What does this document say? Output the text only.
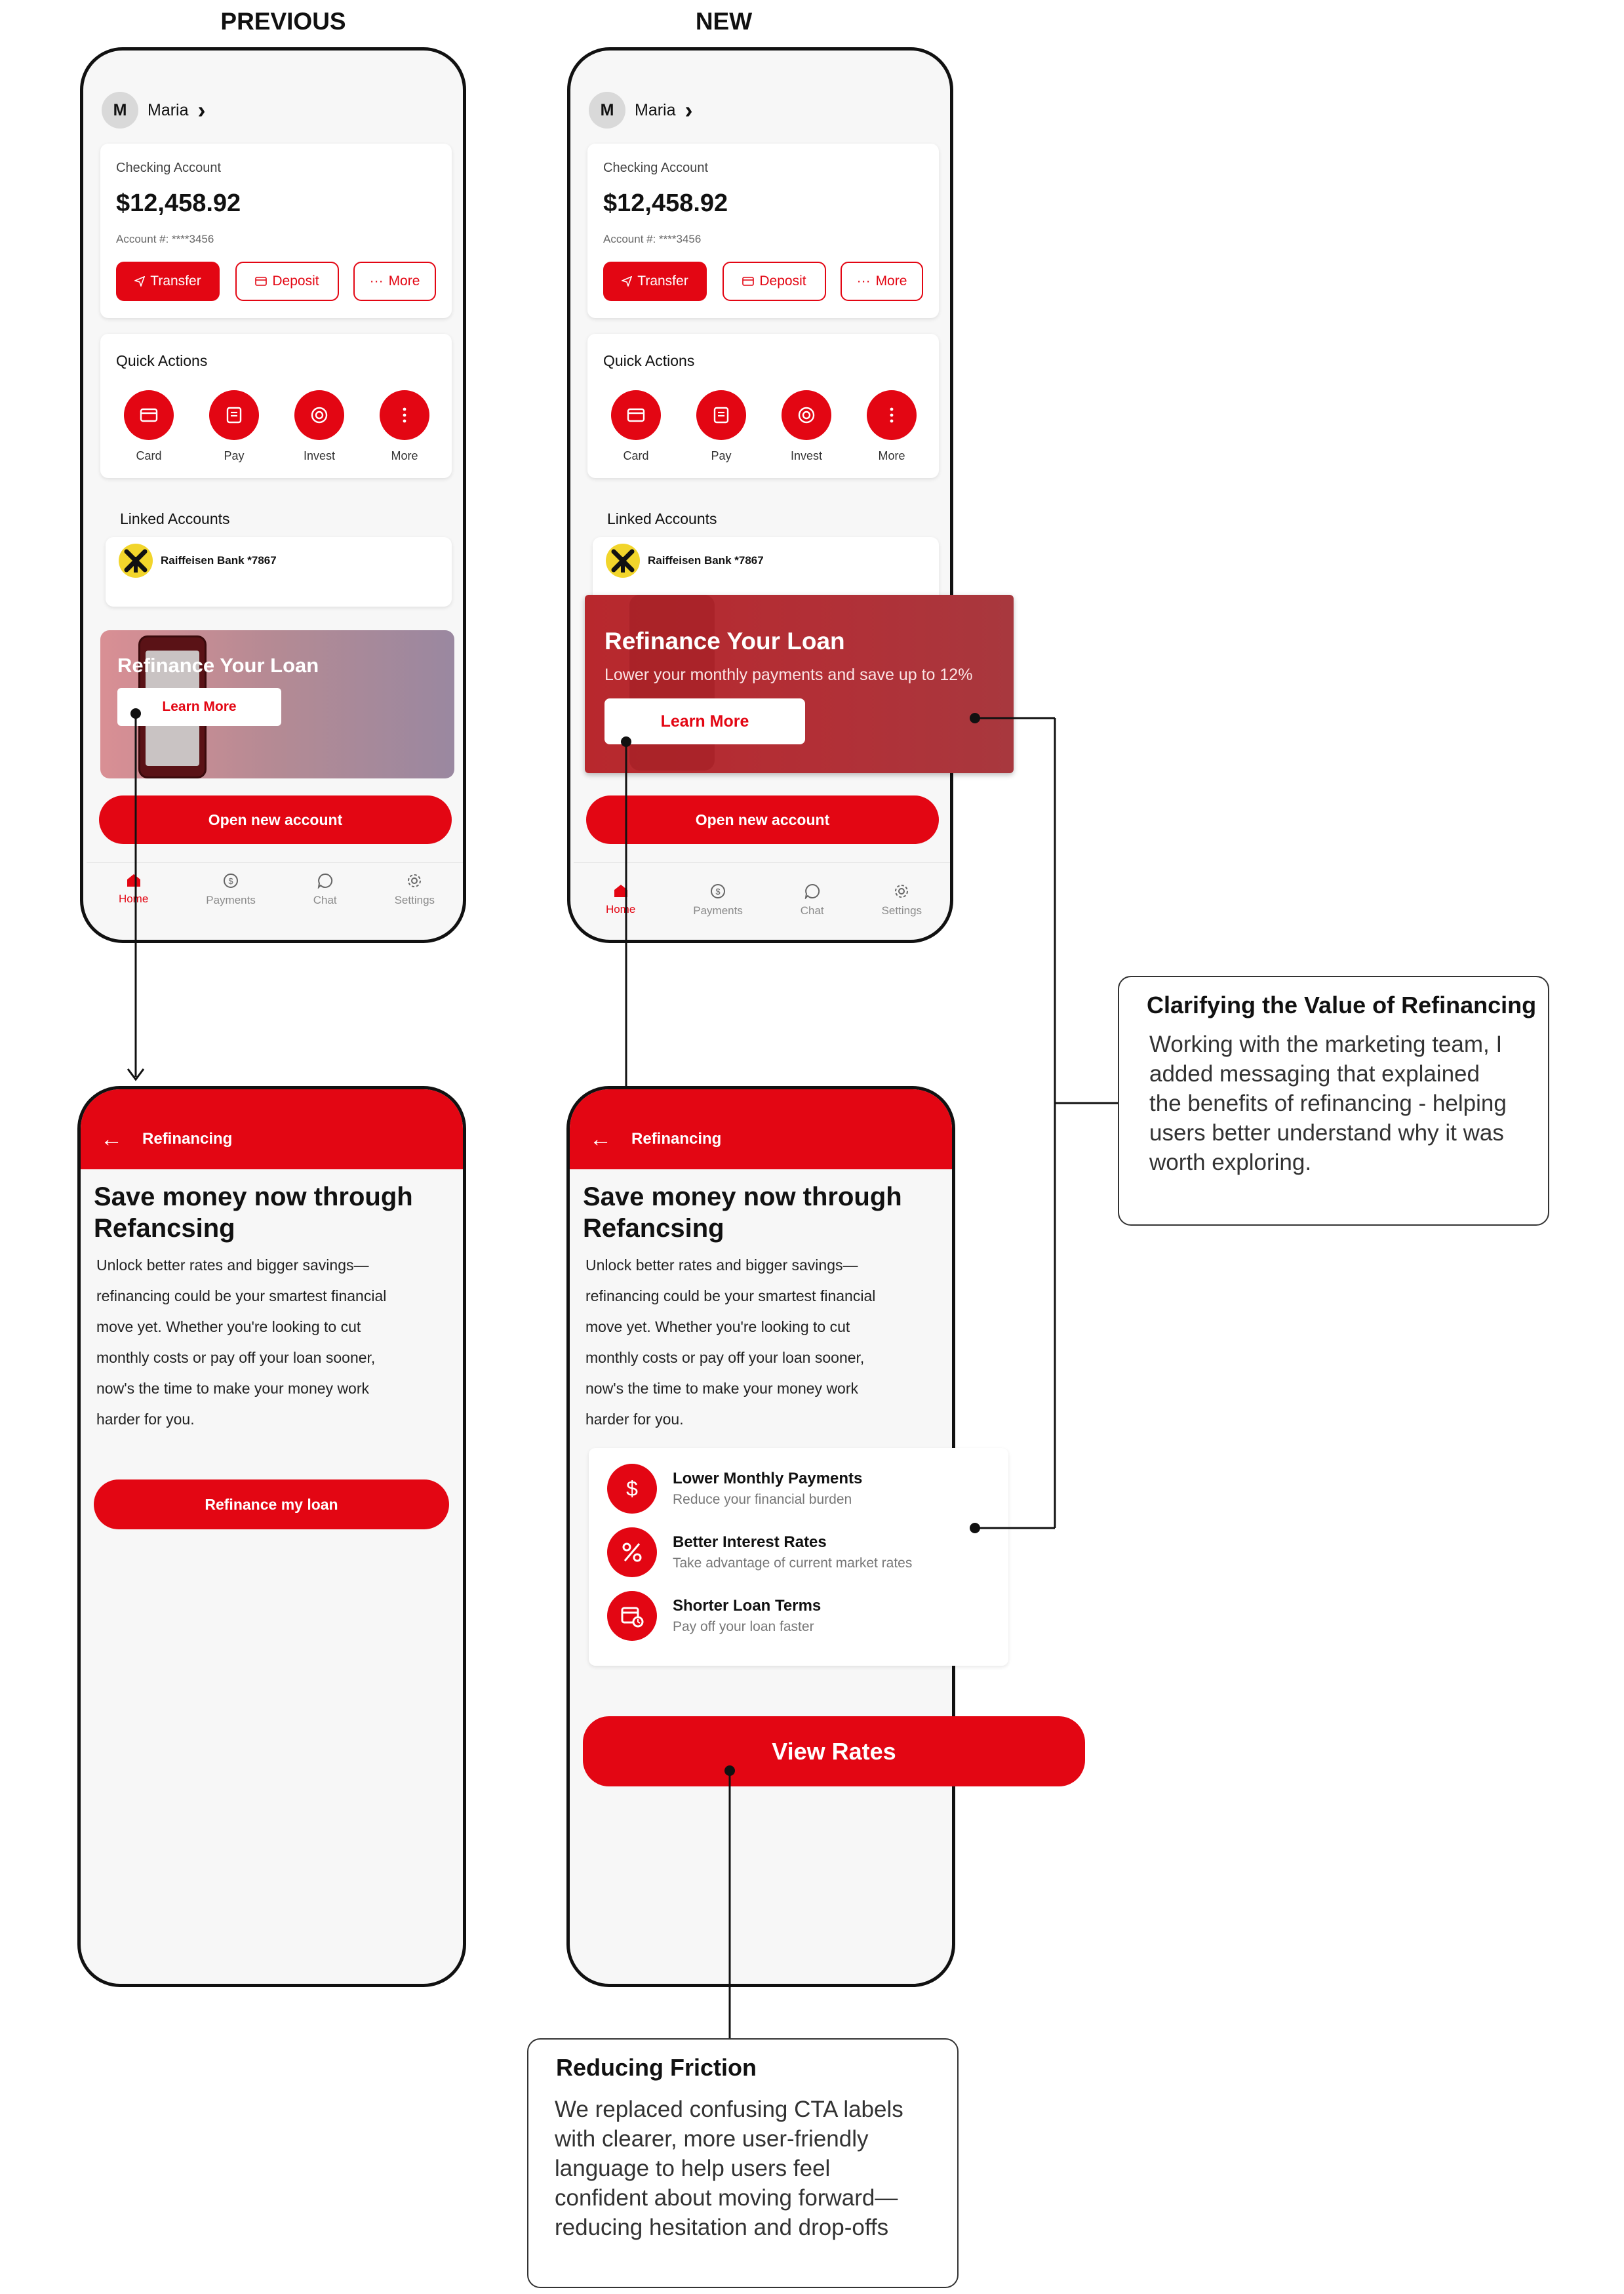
PREVIOUS	NEW
M	Maria ›
Checking Account
$12,458.92
Account #: ****3456
Transfer	Deposit	··· More
Quick Actions
Card	Pay	Invest	More
Linked Accounts
Raiffeisen Bank *7867
Refinance Your Loan
Learn More
Open new account
Home
$
Payments	Chat	Settings
M	Maria ›
Checking Account
$12,458.92
Account #: ****3456
Transfer	Deposit	··· More
Quick Actions
Card	Pay	Invest	More
Linked Accounts
Raiffeisen Bank *7867
Open new account
Home
$
Payments	Chat	Settings
Refinance Your Loan
Lower your monthly payments and save up to 12%
Learn More
← Refinancing
Save money now through
Refancsing
Unlock better rates and bigger savings—
refinancing could be your smartest financial
move yet. Whether you're looking to cut
monthly costs or pay off your loan sooner,
now's the time to make your money work
harder for you.
Refinance my loan
← Refinancing
Save money now through
Refancsing
Unlock better rates and bigger savings—
refinancing could be your smartest financial
move yet. Whether you're looking to cut
monthly costs or pay off your loan sooner,
now's the time to make your money work
harder for you.
$ Lower Monthly Payments
Reduce your financial burden
Better Interest Rates
Take advantage of current market rates
Shorter Loan Terms
Pay off your loan faster
View Rates
Clarifying the Value of Refinancing
Working with the marketing team, I
added messaging that explained
the benefits of refinancing - helping
users better understand why it was
worth exploring.
Reducing Friction
We replaced confusing CTA labels
with clearer, more user-friendly
language to help users feel
confident about moving forward—
reducing hesitation and drop-offs
